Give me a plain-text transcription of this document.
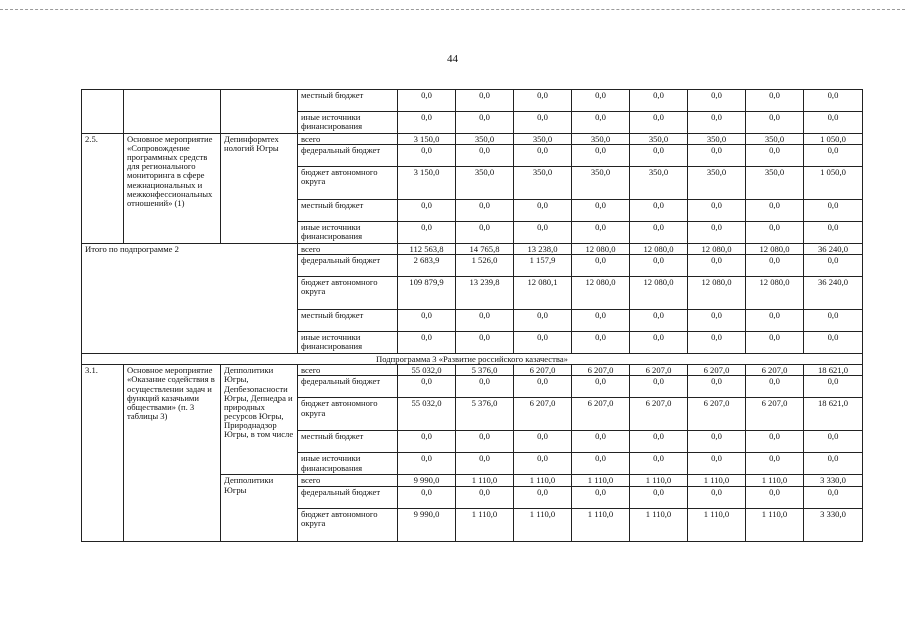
44
			местный бюджет	0,0	0,0	0,0	0,0	0,0	0,0	0,0	0,0
			иные источники финансирования	0,0	0,0	0,0	0,0	0,0	0,0	0,0	0,0
2.5.	Основное мероприятие «Сопровождение программных средств для регионального мониторинга в сфере межнациональных и межконфессиональных отношений» (1)	Депинформтех нологий Югры	всего	3 150,0	350,0	350,0	350,0	350,0	350,0	350,0	1 050,0
			федеральный бюджет	0,0	0,0	0,0	0,0	0,0	0,0	0,0	0,0
			бюджет автономного округа	3 150,0	350,0	350,0	350,0	350,0	350,0	350,0	1 050,0
			местный бюджет	0,0	0,0	0,0	0,0	0,0	0,0	0,0	0,0
			иные источники финансирования	0,0	0,0	0,0	0,0	0,0	0,0	0,0	0,0
Итого по подпрограмме 2			всего	112 563,8	14 765,8	13 238,0	12 080,0	12 080,0	12 080,0	12 080,0	36 240,0
			федеральный бюджет	2 683,9	1 526,0	1 157,9	0,0	0,0	0,0	0,0	0,0
			бюджет автономного округа	109 879,9	13 239,8	12 080,1	12 080,0	12 080,0	12 080,0	12 080,0	36 240,0
			местный бюджет	0,0	0,0	0,0	0,0	0,0	0,0	0,0	0,0
			иные источники финансирования	0,0	0,0	0,0	0,0	0,0	0,0	0,0	0,0
Подпрограмма 3 «Развитие российского казачества»											
3.1.	Основное мероприятие «Оказание содействия в осуществлении задач и функций казачьими обществами» (п. 3 таблицы 3)	Депполитики Югры, Депбезопасности Югры, Депнедра и природных ресурсов Югры, Природнадзор Югры, в том числе	всего	55 032,0	5 376,0	6 207,0	6 207,0	6 207,0	6 207,0	6 207,0	18 621,0
			федеральный бюджет	0,0	0,0	0,0	0,0	0,0	0,0	0,0	0,0
			бюджет автономного округа	55 032,0	5 376,0	6 207,0	6 207,0	6 207,0	6 207,0	6 207,0	18 621,0
			местный бюджет	0,0	0,0	0,0	0,0	0,0	0,0	0,0	0,0
			иные источники финансирования	0,0	0,0	0,0	0,0	0,0	0,0	0,0	0,0
		Депполитики Югры	всего	9 990,0	1 110,0	1 110,0	1 110,0	1 110,0	1 110,0	1 110,0	3 330,0
			федеральный бюджет	0,0	0,0	0,0	0,0	0,0	0,0	0,0	0,0
			бюджет автономного округа	9 990,0	1 110,0	1 110,0	1 110,0	1 110,0	1 110,0	1 110,0	3 330,0
